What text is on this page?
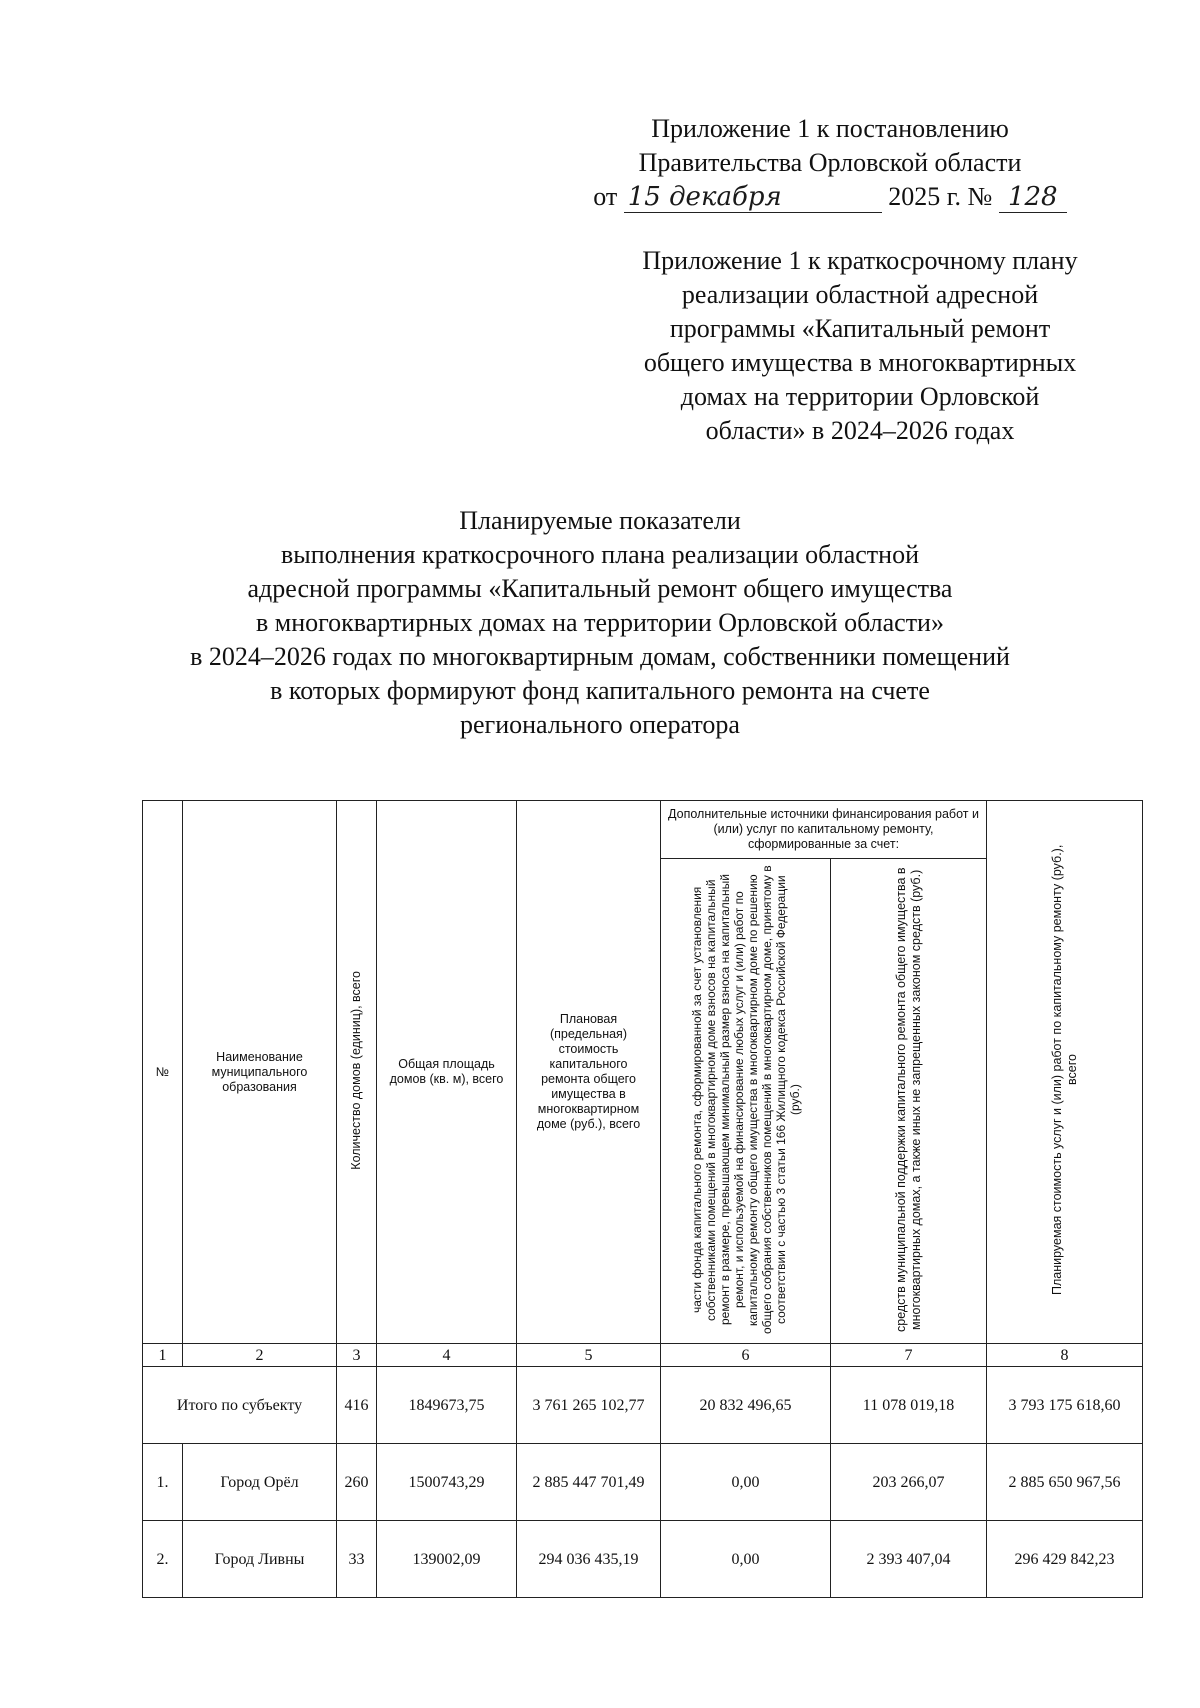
Приложение 1 к постановлению
Правительства Орловской области
от 15 декабря	2025 г. № 128
Приложение 1 к краткосрочному плану
реализации областной адресной
программы «Капитальный ремонт
общего имущества в многоквартирных
домах на территории Орловской
области» в 2024–2026 годах
Планируемые показатели
выполнения краткосрочного плана реализации областной
адресной программы «Капитальный ремонт общего имущества
в многоквартирных домах на территории Орловской области»
в 2024–2026 годах по многоквартирным домам, собственники помещений
в которых формируют фонд капитального ремонта на счете
регионального оператора
№	Наименование муниципального образования	Количество домов (единиц), всего	Общая площадь домов (кв. м), всего	Плановая (предельная) стоимость капитального ремонта общего имущества в многоквартирном доме (руб.), всего	Дополнительные источники финансирования работ и (или) услуг по капитальному ремонту, сформированные за счет:		Планируемая стоимость услуг и (или) работ по капитальному ремонту (руб.), всего
					части фонда капитального ремонта, сформированной за счет установления собственниками помещений в многоквартирном доме взносов на капитальный ремонт в размере, превышающем минимальный размер взноса на капитальный ремонт, и используемой на финансирование любых услуг и (или) работ по капитальному ремонту общего имущества в многоквартирном доме по решению общего собрания собственников помещений в многоквартирном доме, принятому в соответствии с частью 3 статьи 166 Жилищного кодекса Российской Федерации (руб.)	средств муниципальной поддержки капитального ремонта общего имущества в многоквартирных домах, а также иных не запрещенных законом средств (руб.)	
1	2	3	4	5	6	7	8
Итого по субъекту		416	1849673,75	3 761 265 102,77	20 832 496,65	11 078 019,18	3 793 175 618,60
1.	Город Орёл	260	1500743,29	2 885 447 701,49	0,00	203 266,07	2 885 650 967,56
2.	Город Ливны	33	139002,09	294 036 435,19	0,00	2 393 407,04	296 429 842,23
